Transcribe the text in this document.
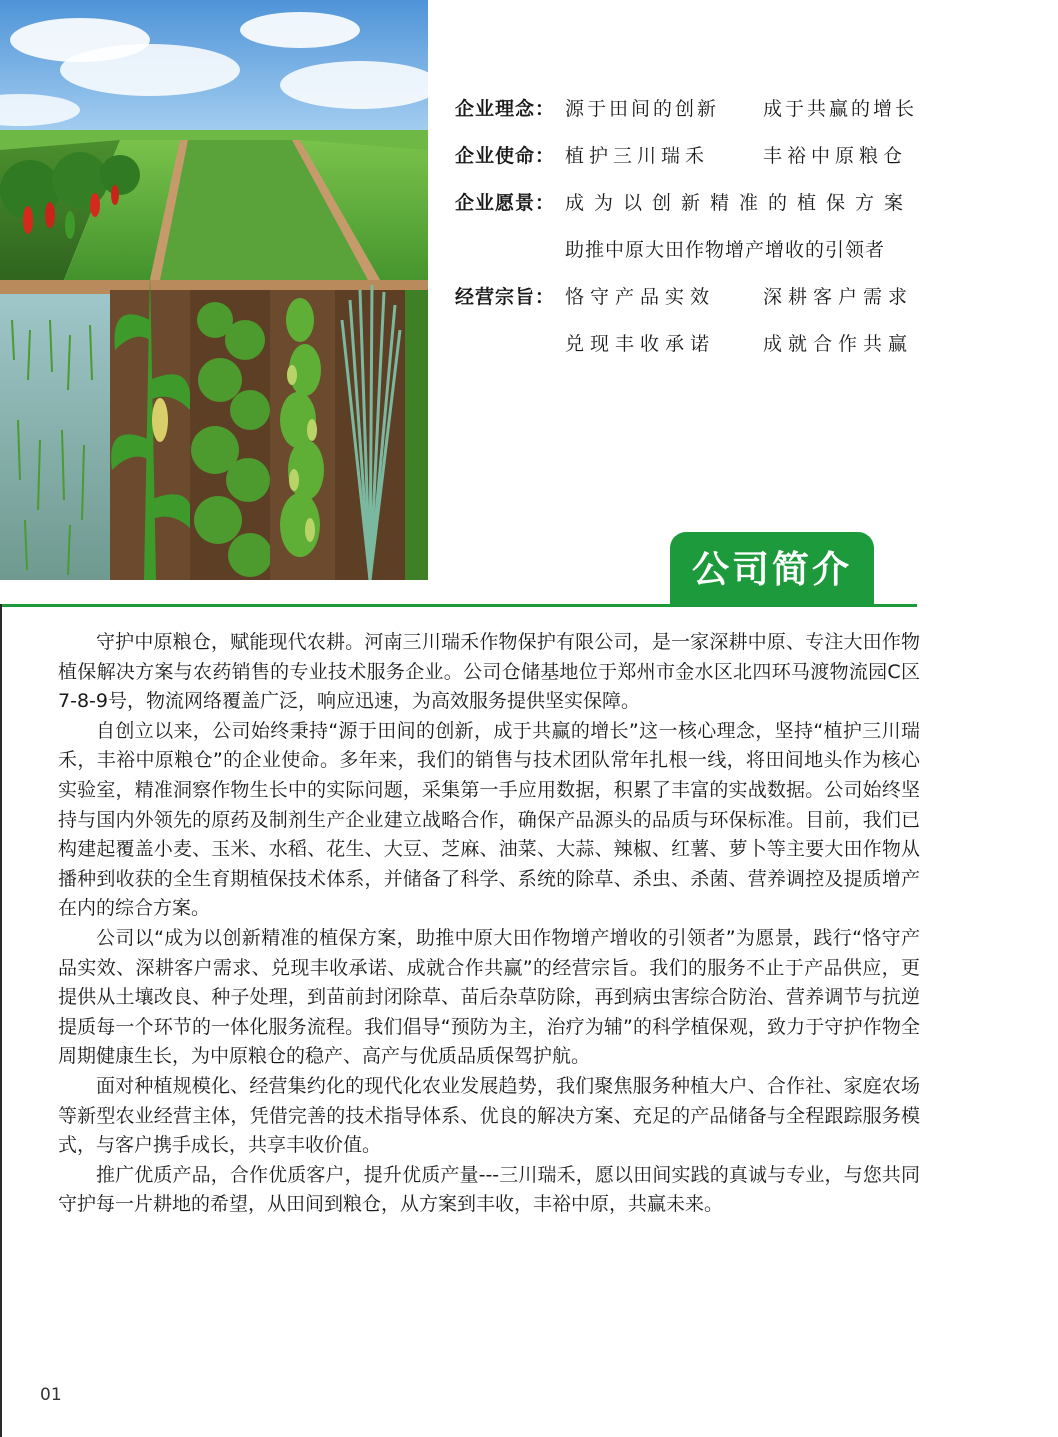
企业理念： 源于田间的创新	成于共赢的增长
企业使命： 植护三川瑞禾	丰裕中原粮仓
企业愿景： 成为以创新精准的植保方案
助推中原大田作物增产增收的引领者
经营宗旨： 恪守产品实效	深耕客户需求
兑现丰收承诺	成就合作共赢
公司简介

守护中原粮仓，赋能现代农耕。河南三川瑞禾作物保护有限公司，是一家深耕中原、专注大田作物植保解决方案与农药销售的专业技术服务企业。公司仓储基地位于郑州市金水区北四环马渡物流园C区7-8-9号，物流网络覆盖广泛，响应迅速，为高效服务提供坚实保障。

自创立以来，公司始终秉持“源于田间的创新，成于共赢的增长”这一核心理念，坚持“植护三川瑞禾，丰裕中原粮仓”的企业使命。多年来，我们的销售与技术团队常年扎根一线，将田间地头作为核心实验室，精准洞察作物生长中的实际问题，采集第一手应用数据，积累了丰富的实战数据。公司始终坚持与国内外领先的原药及制剂生产企业建立战略合作，确保产品源头的品质与环保标准。目前，我们已构建起覆盖小麦、玉米、水稻、花生、大豆、芝麻、油菜、大蒜、辣椒、红薯、萝卜等主要大田作物从播种到收获的全生育期植保技术体系，并储备了科学、系统的除草、杀虫、杀菌、营养调控及提质增产在内的综合方案。

公司以“成为以创新精准的植保方案，助推中原大田作物增产增收的引领者”为愿景，践行“恪守产品实效、深耕客户需求、兑现丰收承诺、成就合作共赢”的经营宗旨。我们的服务不止于产品供应，更提供从土壤改良、种子处理，到苗前封闭除草、苗后杂草防除，再到病虫害综合防治、营养调节与抗逆提质每一个环节的一体化服务流程。我们倡导“预防为主，治疗为辅”的科学植保观，致力于守护作物全周期健康生长，为中原粮仓的稳产、高产与优质品质保驾护航。

面对种植规模化、经营集约化的现代化农业发展趋势，我们聚焦服务种植大户、合作社、家庭农场等新型农业经营主体，凭借完善的技术指导体系、优良的解决方案、充足的产品储备与全程跟踪服务模式，与客户携手成长，共享丰收价值。

推广优质产品，合作优质客户，提升优质产量---三川瑞禾，愿以田间实践的真诚与专业，与您共同守护每一片耕地的希望，从田间到粮仓，从方案到丰收，丰裕中原，共赢未来。

01
